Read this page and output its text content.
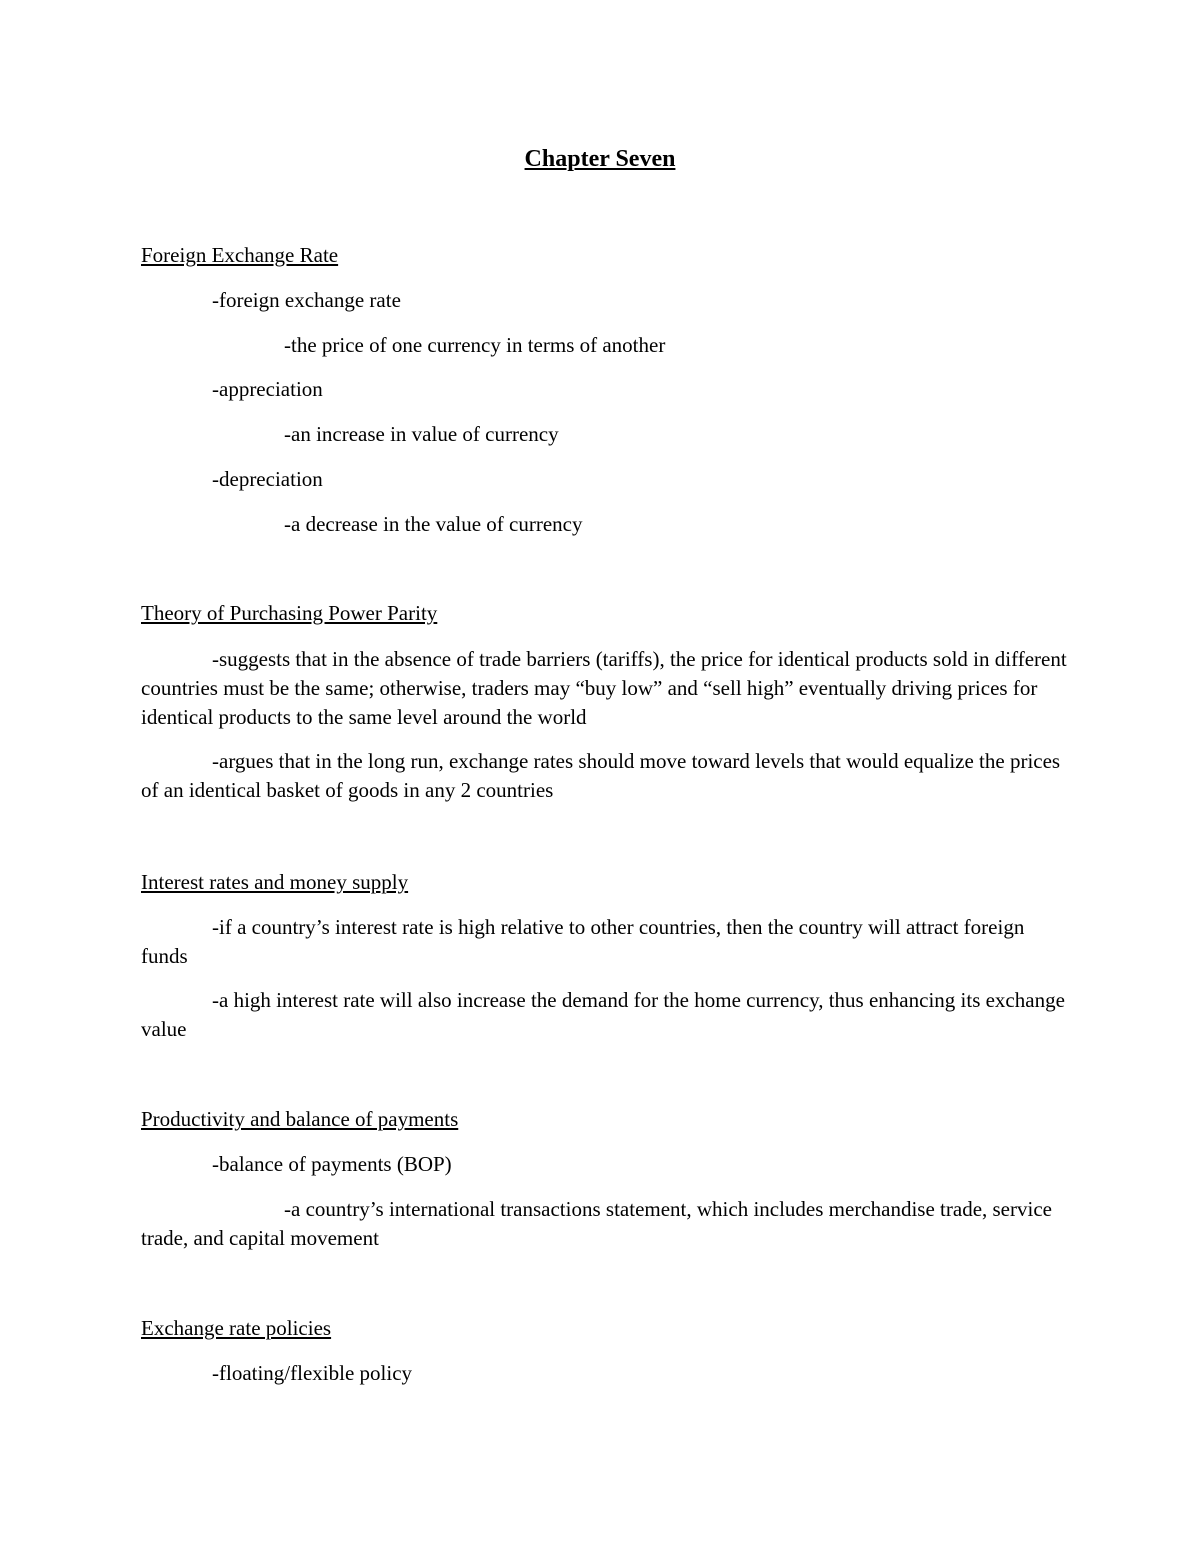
Chapter Seven
Foreign Exchange Rate
-foreign exchange rate
-the price of one currency in terms of another
-appreciation
-an increase in value of currency
-depreciation
-a decrease in the value of currency
Theory of Purchasing Power Parity
-suggests that in the absence of trade barriers (tariffs), the price for identical products sold in different countries must be the same; otherwise, traders may “buy low” and “sell high” eventually driving prices for identical products to the same level around the world
-argues that in the long run, exchange rates should move toward levels that would equalize the prices of an identical basket of goods in any 2 countries
Interest rates and money supply
-if a country’s interest rate is high relative to other countries, then the country will attract foreign funds
-a high interest rate will also increase the demand for the home currency, thus enhancing its exchange value
Productivity and balance of payments
-balance of payments (BOP)
-a country’s international transactions statement, which includes merchandise trade, service trade, and capital movement
Exchange rate policies
-floating/flexible policy
